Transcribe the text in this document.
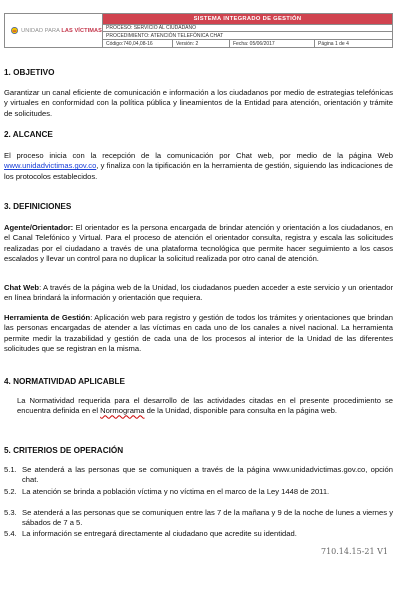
UNIDAD PARA LAS VÍCTIMAS
SISTEMA INTEGRADO DE GESTIÓN
PROCESO: SERVICIO AL CIUDADANO
PROCEDIMIENTO: ATENCIÓN TELEFÓNICA CHAT
Código:740,04,08-16	Versión: 2	Fecha: 05/06/2017	Página 1 de 4
1. OBJETIVO
Garantizar un canal eficiente de comunicación e información a los ciudadanos por medio de estrategias telefónicas y virtuales en conformidad con la política pública y lineamientos de la Entidad para atención, orientación y trámite de solicitudes.
2. ALCANCE
El proceso inicia con la recepción de la comunicación por Chat web, por medio de la página Web www.unidadvictimas.gov.co, y finaliza con la tipificación en la herramienta de gestión, siguiendo las indicaciones de los protocolos establecidos.
3. DEFINICIONES
Agente/Orientador: El orientador es la persona encargada de brindar atención y orientación a los ciudadanos, en el Canal Telefónico y Virtual. Para el proceso de atención el orientador consulta, registra y escala las solicitudes realizadas por el ciudadano a través de una plataforma tecnológica que permite hacer seguimiento a los casos escalados y llevar un control para no duplicar la solicitud realizada por otro canal de atención.
Chat Web: A través de la página web de la Unidad, los ciudadanos pueden acceder a este servicio y un orientador en línea brindará la información y orientación que requiera.
Herramienta de Gestión: Aplicación web para registro y gestión de todos los trámites y orientaciones que brindan las personas encargadas de atender a las víctimas en cada uno de los canales a nivel nacional. La herramienta permite medir la trazabilidad y gestión de cada una de los procesos al interior de la Unidad de las diferentes solicitudes que se registran en la misma.
4. NORMATIVIDAD APLICABLE
La Normatividad requerida para el desarrollo de las actividades citadas en el presente procedimiento se encuentra definida en el Normograma de la Unidad, disponible para consulta en la página web.
5. CRITERIOS DE OPERACIÓN
5.1. Se atenderá a las personas que se comuniquen a través de la página www.unidadvictimas.gov.co, opción chat.
5.2. La atención se brinda a población víctima y no víctima en el marco de la Ley 1448 de 2011.
5.3. Se atenderá a las personas que se comuniquen entre las 7 de la mañana y 9 de la noche de lunes a viernes y sábados de 7 a 5.
5.4. La información se entregará directamente al ciudadano que acredite su identidad.
710.14.15-21 V1
